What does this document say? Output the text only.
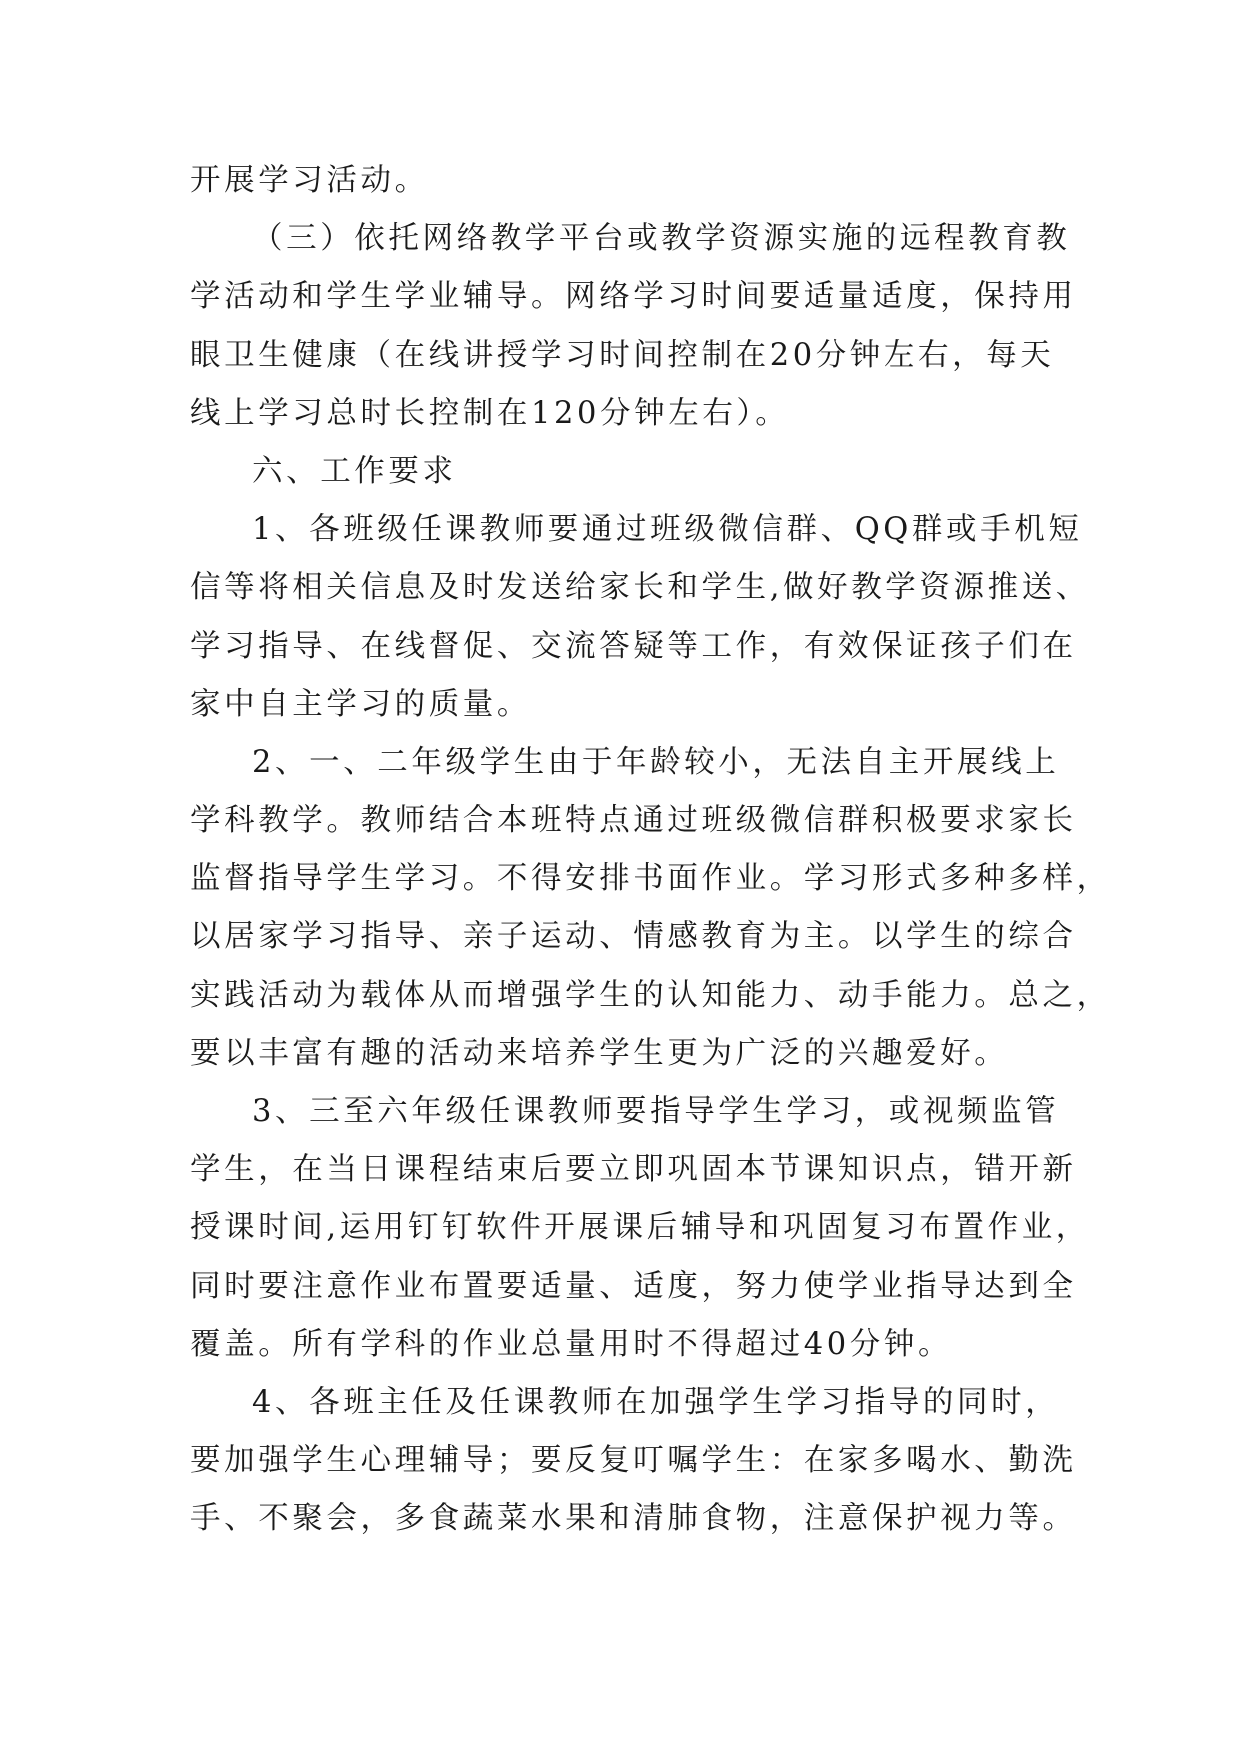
开展学习活动。
（三）依托网络教学平台或教学资源实施的远程教育教
学活动和学生学业辅导。网络学习时间要适量适度，保持用
眼卫生健康（在线讲授学习时间控制在20分钟左右，每天
线上学习总时长控制在120分钟左右）。
六、工作要求
1、各班级任课教师要通过班级微信群、QQ群或手机短
信等将相关信息及时发送给家长和学生,做好教学资源推送、
学习指导、在线督促、交流答疑等工作，有效保证孩子们在
家中自主学习的质量。
2、一、二年级学生由于年龄较小，无法自主开展线上
学科教学。教师结合本班特点通过班级微信群积极要求家长
监督指导学生学习。不得安排书面作业。学习形式多种多样，
以居家学习指导、亲子运动、情感教育为主。以学生的综合
实践活动为载体从而增强学生的认知能力、动手能力。总之，
要以丰富有趣的活动来培养学生更为广泛的兴趣爱好。
3、三至六年级任课教师要指导学生学习，或视频监管
学生，在当日课程结束后要立即巩固本节课知识点，错开新
授课时间,运用钉钉软件开展课后辅导和巩固复习布置作业，
同时要注意作业布置要适量、适度，努力使学业指导达到全
覆盖。所有学科的作业总量用时不得超过40分钟。
4、各班主任及任课教师在加强学生学习指导的同时，
要加强学生心理辅导；要反复叮嘱学生：在家多喝水、勤洗
手、不聚会，多食蔬菜水果和清肺食物，注意保护视力等。
